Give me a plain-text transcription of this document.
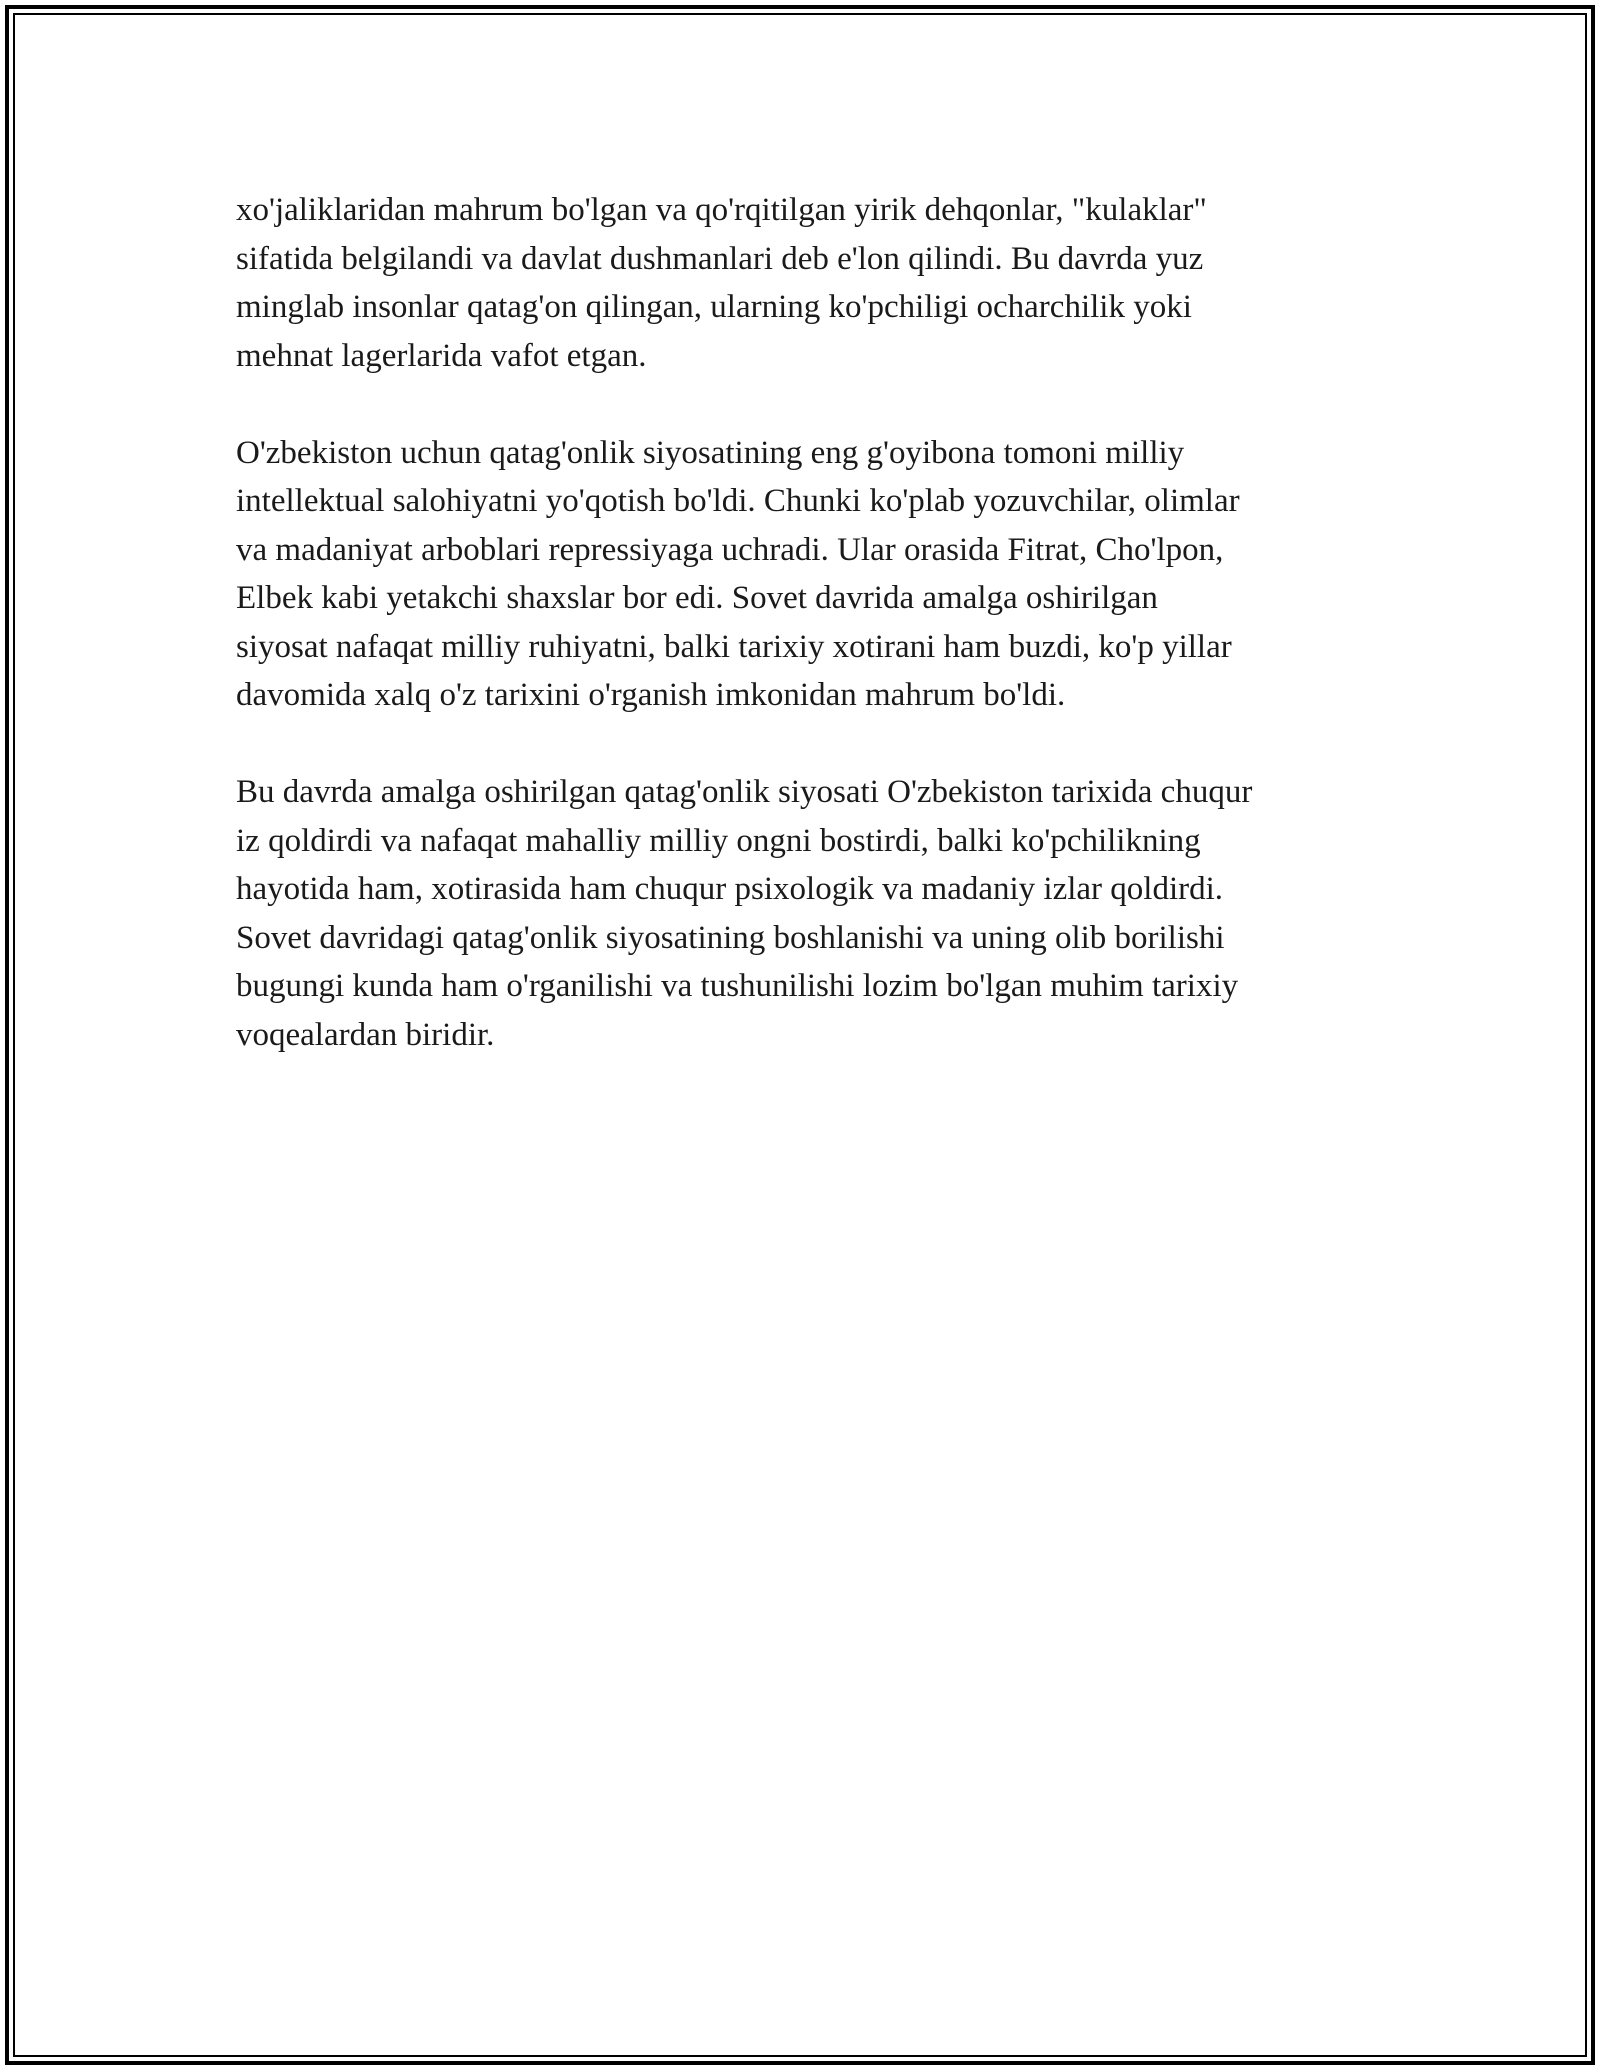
xo'jaliklaridan mahrum bo'lgan va qo'rqitilgan yirik dehqonlar, "kulaklar"
sifatida belgilandi va davlat dushmanlari deb e'lon qilindi. Bu davrda yuz
minglab insonlar qatag'on qilingan, ularning ko'pchiligi ocharchilik yoki
mehnat lagerlarida vafot etgan.

O'zbekiston uchun qatag'onlik siyosatining eng g'oyibona tomoni milliy
intellektual salohiyatni yo'qotish bo'ldi. Chunki ko'plab yozuvchilar, olimlar
va madaniyat arboblari repressiyaga uchradi. Ular orasida Fitrat, Cho'lpon,
Elbek kabi yetakchi shaxslar bor edi. Sovet davrida amalga oshirilgan
siyosat nafaqat milliy ruhiyatni, balki tarixiy xotirani ham buzdi, ko'p yillar
davomida xalq o'z tarixini o'rganish imkonidan mahrum bo'ldi.

Bu davrda amalga oshirilgan qatag'onlik siyosati O'zbekiston tarixida chuqur
iz qoldirdi va nafaqat mahalliy milliy ongni bostirdi, balki ko'pchilikning
hayotida ham, xotirasida ham chuqur psixologik va madaniy izlar qoldirdi.
Sovet davridagi qatag'onlik siyosatining boshlanishi va uning olib borilishi
bugungi kunda ham o'rganilishi va tushunilishi lozim bo'lgan muhim tarixiy
voqealardan biridir.
